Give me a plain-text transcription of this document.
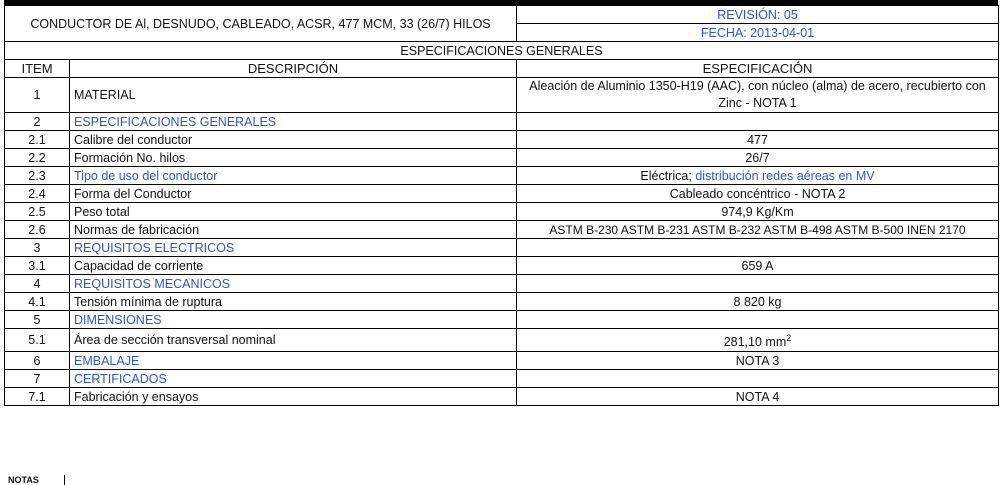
CONDUCTOR DE Al, DESNUDO, CABLEADO, ACSR, 477 MCM, 33 (26/7) HILOS		REVISIÓN: 05
		FECHA: 2013-04-01
ESPECIFICACIONES GENERALES		
ITEM	DESCRIPCIÓN	ESPECIFICACIÓN
1	MATERIAL	Aleación de Aluminio 1350-H19 (AAC), con núcleo (alma) de acero, recubierto con Zinc - NOTA 1
2	ESPECIFICACIONES GENERALES	
2.1	Calibre del conductor	477
2.2	Formación No. hilos	26/7
2.3	Tipo de uso del conductor	Eléctrica; distribución redes aéreas en MV
2.4	Forma del Conductor	Cableado concéntrico - NOTA 2
2.5	Peso total	974,9 Kg/Km
2.6	Normas de fabricación	ASTM B-230 ASTM B-231 ASTM B-232 ASTM B-498 ASTM B-500 INEN 2170
3	REQUISITOS ELECTRICOS	
3.1	Capacidad de corriente	659 A
4	REQUISITOS MECANICOS	
4.1	Tensión mínima de ruptura	8 820 kg
5	DIMENSIONES	
5.1	Área de sección transversal nominal	281,10 $mm^2$
6	EMBALAJE	NOTA 3
7	CERTIFICADOS	
7.1	Fabricación y ensayos	NOTA 4
NOTAS
